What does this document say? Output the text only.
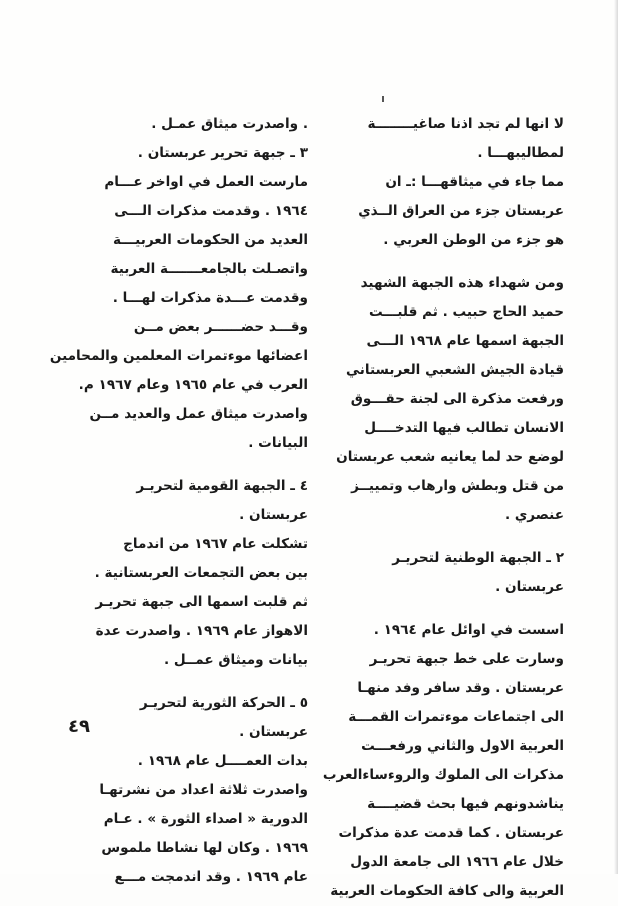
لا انها لم تجد اذنا صاغيــــــــة
لمطاليبهـــا .
مما جاء في ميثاقهـــا :ـ ان
عربستان جزء من العراق الــذي
هو جزء من الوطن العربي .
ومن شهداء هذه الجبهة الشهيد
حميد الحاج حبيب . ثم قلبـــت
الجبهة اسمها عام ١٩٦٨ الـــى
قيادة الجيش الشعبي العربستاني
ورفعت مذكرة الى لجنة حقـــوق
الانسان تطالب فيها التدخــــل
لوضع حد لما يعانيه شعب عربستان
من قتل وبطش وارهاب وتمييــز
عنصري .
٢ ـ الجبهة الوطنية لتحريـر
عربستان .
اسست في اوائل عام ١٩٦٤ .
وسارت على خط جبهة تحريـر
عربستان . وقد سافر وفد منهـا
الى اجتماعات موءتمرات القمـــة
العربية الاول والثاني ورفعـــت
مذكرات الى الملوك والروءساءالعرب
يناشدونهم فيها بحث قضيــــة
عربستان . كما قدمت عدة مذكرات
خلال عام ١٩٦٦ الى جامعة الدول
العربية والى كافة الحكومات العربية
. واصدرت ميثاق عمـل .
٣ ـ جبهة تحرير عربستان .
مارست العمل في اواخر عـــام
١٩٦٤ . وقدمت مذكرات الـــى
العديد من الحكومات العربيـــة
واتصـلت بالجامعـــــــة العربية
وقدمت عـــدة مذكرات لهـــا .
وقـــد حضــــــر بعض مــن
اعضائها موءتمرات المعلمين والمحامين
العرب في عام ١٩٦٥ وعام ١٩٦٧ م.
واصدرت ميثاق عمل والعديد مــن
البيانات .
٤ ـ الجبهة القومية لتحريـر
عربستان .
تشكلت عام ١٩٦٧ من اندماج
بين بعض التجمعات العربستانية .
ثم قلبت اسمها الى جبهة تحريـر
الاهواز عام ١٩٦٩ . واصدرت عدة
بيانات وميثاق عمــل .
٥ ـ الحركة الثورية لتحريـر
عربستان .
بدات العمــــل عام ١٩٦٨ .
واصدرت ثلاثة اعداد من نشرتهـا
الدورية « اصداء الثورة » . عـام
١٩٦٩ . وكان لها نشاطا ملموس
عام ١٩٦٩ . وقد اندمجت مـــع
٤٩
